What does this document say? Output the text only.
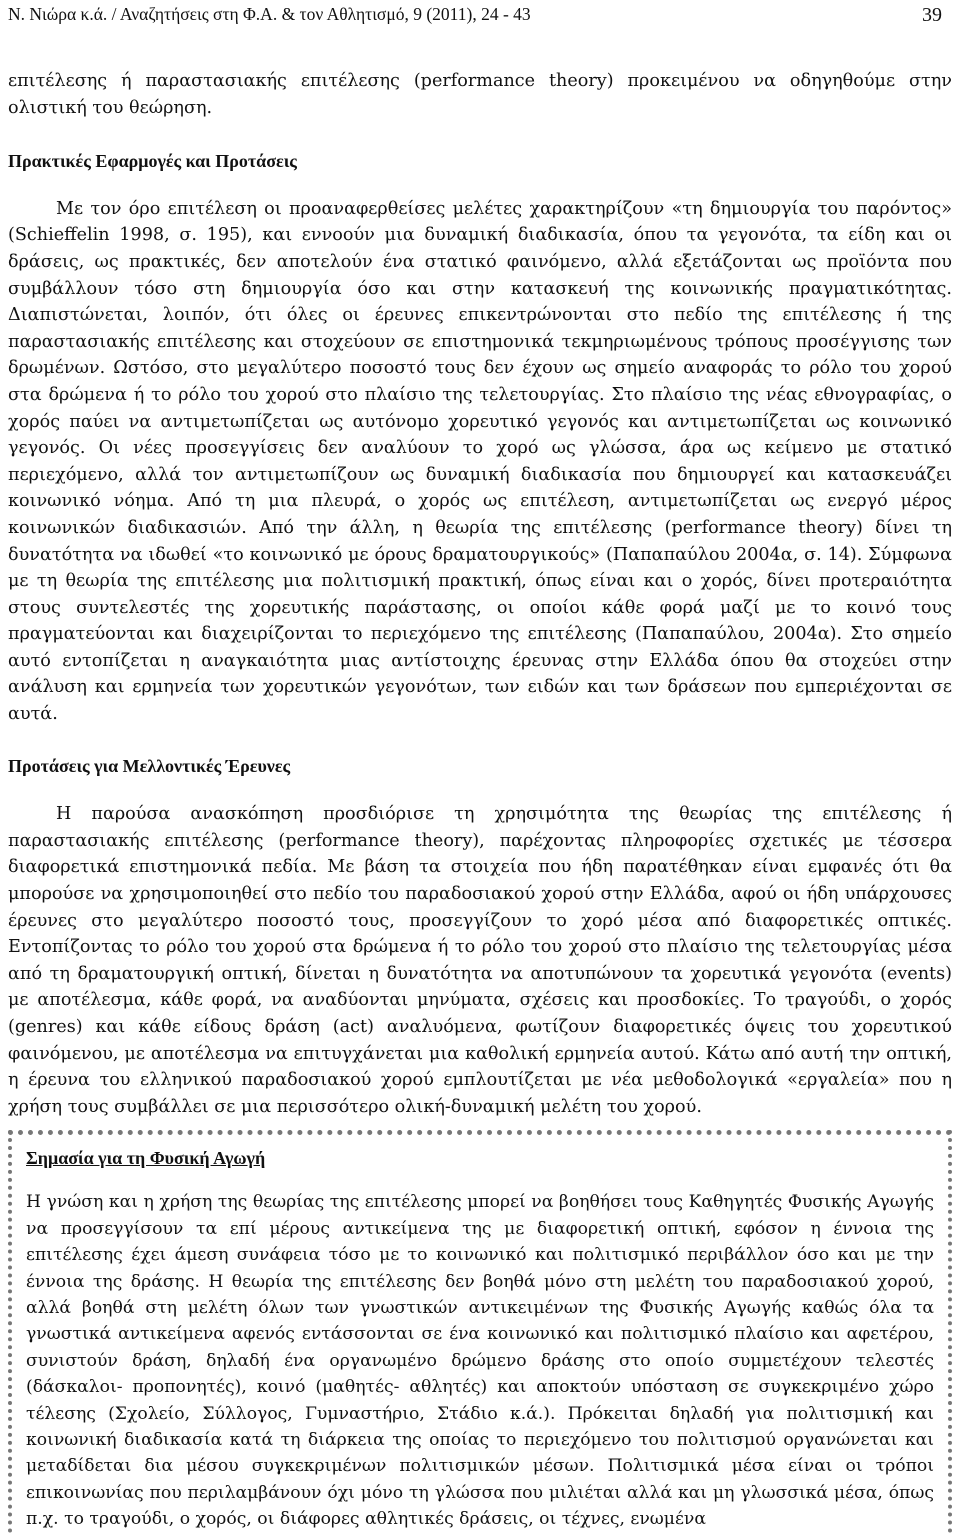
Ν. Νιώρα κ.ά. / Αναζητήσεις στη Φ.Α. & τον Αθλητισμό, 9 (2011), 24 - 43	39

επιτέλεσης ή παραστασιακής επιτέλεσης (performance theory) προκειμένου να οδηγηθούμε στην ολιστική του θεώρηση.

Πρακτικές Εφαρμογές και Προτάσεις

Με τον όρο επιτέλεση οι προαναφερθείσες μελέτες χαρακτηρίζουν «τη δημιουργία του παρόντος» (Schieffelin 1998, σ. 195), και εννοούν μια δυναμική διαδικασία, όπου τα γεγονότα, τα είδη και οι δράσεις, ως πρακτικές, δεν αποτελούν ένα στατικό φαινόμενο, αλλά εξετάζονται ως προϊόντα που συμβάλλουν τόσο στη δημιουργία όσο και στην κατασκευή της κοινωνικής πραγματικότητας. Διαπιστώνεται, λοιπόν, ότι όλες οι έρευνες επικεντρώνονται στο πεδίο της επιτέλεσης ή της παραστασιακής επιτέλεσης και στοχεύουν σε επιστημονικά τεκμηριωμένους τρόπους προσέγγισης των δρωμένων. Ωστόσο, στο μεγαλύτερο ποσοστό τους δεν έχουν ως σημείο αναφοράς το ρόλο του χορού στα δρώμενα ή το ρόλο του χορού στο πλαίσιο της τελετουργίας. Στο πλαίσιο της νέας εθνογραφίας, ο χορός παύει να αντιμετωπίζεται ως αυτόνομο χορευτικό γεγονός και αντιμετωπίζεται ως κοινωνικό γεγονός. Οι νέες προσεγγίσεις δεν αναλύουν το χορό ως γλώσσα, άρα ως κείμενο με στατικό περιεχόμενο, αλλά τον αντιμετωπίζουν ως δυναμική διαδικασία που δημιουργεί και κατασκευάζει κοινωνικό νόημα. Από τη μια πλευρά, ο χορός ως επιτέλεση, αντιμετωπίζεται ως ενεργό μέρος κοινωνικών διαδικασιών. Από την άλλη, η θεωρία της επιτέλεσης (performance theory) δίνει τη δυνατότητα να ιδωθεί «το κοινωνικό με όρους δραματουργικούς» (Παπαπαύλου 2004α, σ. 14). Σύμφωνα με τη θεωρία της επιτέλεσης μια πολιτισμική πρακτική, όπως είναι και ο χορός, δίνει προτεραιότητα στους συντελεστές της χορευτικής παράστασης, οι οποίοι κάθε φορά μαζί με το κοινό τους πραγματεύονται και διαχειρίζονται το περιεχόμενο της επιτέλεσης (Παπαπαύλου, 2004α). Στο σημείο αυτό εντοπίζεται η αναγκαιότητα μιας αντίστοιχης έρευνας στην Ελλάδα όπου θα στοχεύει στην ανάλυση και ερμηνεία των χορευτικών γεγονότων, των ειδών και των δράσεων που εμπεριέχονται σε αυτά.

Προτάσεις για Μελλοντικές Έρευνες

Η παρούσα ανασκόπηση προσδιόρισε τη χρησιμότητα της θεωρίας της επιτέλεσης ή παραστασιακής επιτέλεσης (performance theory), παρέχοντας πληροφορίες σχετικές με τέσσερα διαφορετικά επιστημονικά πεδία. Με βάση τα στοιχεία που ήδη παρατέθηκαν είναι εμφανές ότι θα μπορούσε να χρησιμοποιηθεί στο πεδίο του παραδοσιακού χορού στην Ελλάδα, αφού οι ήδη υπάρχουσες έρευνες στο μεγαλύτερο ποσοστό τους, προσεγγίζουν το χορό μέσα από διαφορετικές οπτικές. Εντοπίζοντας το ρόλο του χορού στα δρώμενα ή το ρόλο του χορού στο πλαίσιο της τελετουργίας μέσα από τη δραματουργική οπτική, δίνεται η δυνατότητα να αποτυπώνουν τα χορευτικά γεγονότα (events) με αποτέλεσμα, κάθε φορά, να αναδύονται μηνύματα, σχέσεις και προσδοκίες. Το τραγούδι, ο χορός (genres) και κάθε είδους δράση (act) αναλυόμενα, φωτίζουν διαφορετικές όψεις του χορευτικού φαινόμενου, με αποτέλεσμα να επιτυγχάνεται μια καθολική ερμηνεία αυτού. Κάτω από αυτή την οπτική, η έρευνα του ελληνικού παραδοσιακού χορού εμπλουτίζεται με νέα μεθοδολογικά «εργαλεία» που η χρήση τους συμβάλλει σε μια περισσότερο ολική-δυναμική μελέτη του χορού.

Σημασία για τη Φυσική Αγωγή

Η γνώση και η χρήση της θεωρίας της επιτέλεσης μπορεί να βοηθήσει τους Καθηγητές Φυσικής Αγωγής να προσεγγίσουν τα επί μέρους αντικείμενα της με διαφορετική οπτική, εφόσον η έννοια της επιτέλεσης έχει άμεση συνάφεια τόσο με το κοινωνικό και πολιτισμικό περιβάλλον όσο και με την έννοια της δράσης. Η θεωρία της επιτέλεσης δεν βοηθά μόνο στη μελέτη του παραδοσιακού χορού, αλλά βοηθά στη μελέτη όλων των γνωστικών αντικειμένων της Φυσικής Αγωγής καθώς όλα τα γνωστικά αντικείμενα αφενός εντάσσονται σε ένα κοινωνικό και πολιτισμικό πλαίσιο και αφετέρου, συνιστούν δράση, δηλαδή ένα οργανωμένο δρώμενο δράσης στο οποίο συμμετέχουν τελεστές (δάσκαλοι- προπονητές), κοινό (μαθητές- αθλητές) και αποκτούν υπόσταση σε συγκεκριμένο χώρο τέλεσης (Σχολείο, Σύλλογος, Γυμναστήριο, Στάδιο κ.ά.). Πρόκειται δηλαδή για πολιτισμική και κοινωνική διαδικασία κατά τη διάρκεια της οποίας το περιεχόμενο του πολιτισμού οργανώνεται και μεταδίδεται δια μέσου συγκεκριμένων πολιτισμικών μέσων. Πολιτισμικά μέσα είναι οι τρόποι επικοινωνίας που περιλαμβάνουν όχι μόνο τη γλώσσα που μιλιέται αλλά και μη γλωσσικά μέσα, όπως π.χ. το τραγούδι, ο χορός, οι διάφορες αθλητικές δράσεις, οι τέχνες, ενωμένα
